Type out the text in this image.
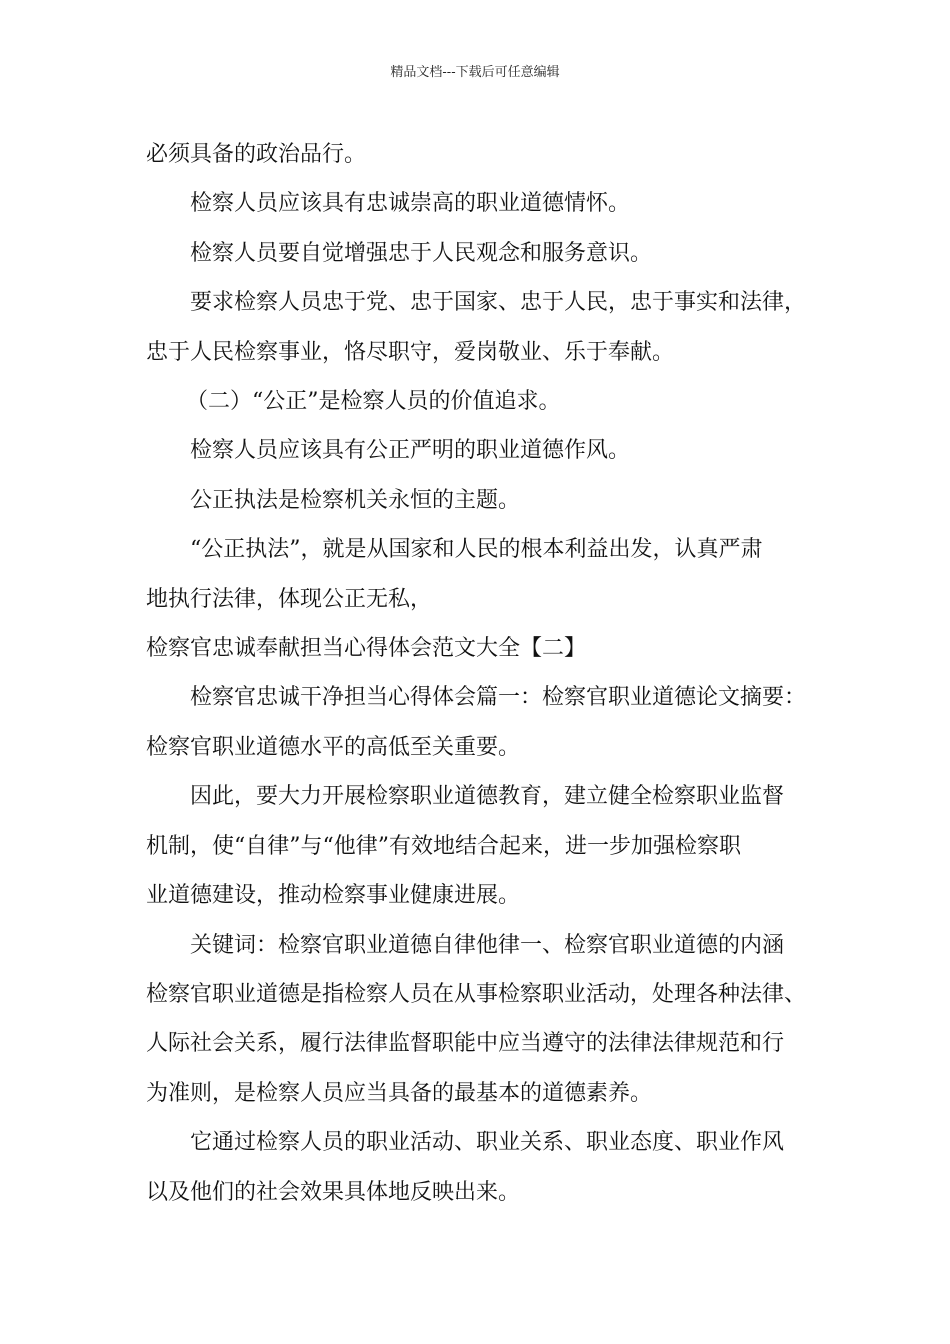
精品文档---下载后可任意编辑

必须具备的政治品行。

检察人员应该具有忠诚崇高的职业道德情怀。

检察人员要自觉增强忠于人民观念和服务意识。

要求检察人员忠于党、忠于国家、忠于人民，忠于事实和法律，

忠于人民检察事业，恪尽职守，爱岗敬业、乐于奉献。

（二）“公正”是检察人员的价值追求。

检察人员应该具有公正严明的职业道德作风。

公正执法是检察机关永恒的主题。

“公正执法”，就是从国家和人民的根本利益出发，认真严肃

地执行法律，体现公正无私，

检察官忠诚奉献担当心得体会范文大全【二】

检察官忠诚干净担当心得体会篇一：检察官职业道德论文摘要：

检察官职业道德水平的高低至关重要。

因此，要大力开展检察职业道德教育，建立健全检察职业监督

机制，使“自律”与“他律”有效地结合起来，进一步加强检察职

业道德建设，推动检察事业健康进展。

关键词：检察官职业道德自律他律一、检察官职业道德的内涵

检察官职业道德是指检察人员在从事检察职业活动，处理各种法律、

人际社会关系，履行法律监督职能中应当遵守的法律法律规范和行

为准则，是检察人员应当具备的最基本的道德素养。

它通过检察人员的职业活动、职业关系、职业态度、职业作风

以及他们的社会效果具体地反映出来。
